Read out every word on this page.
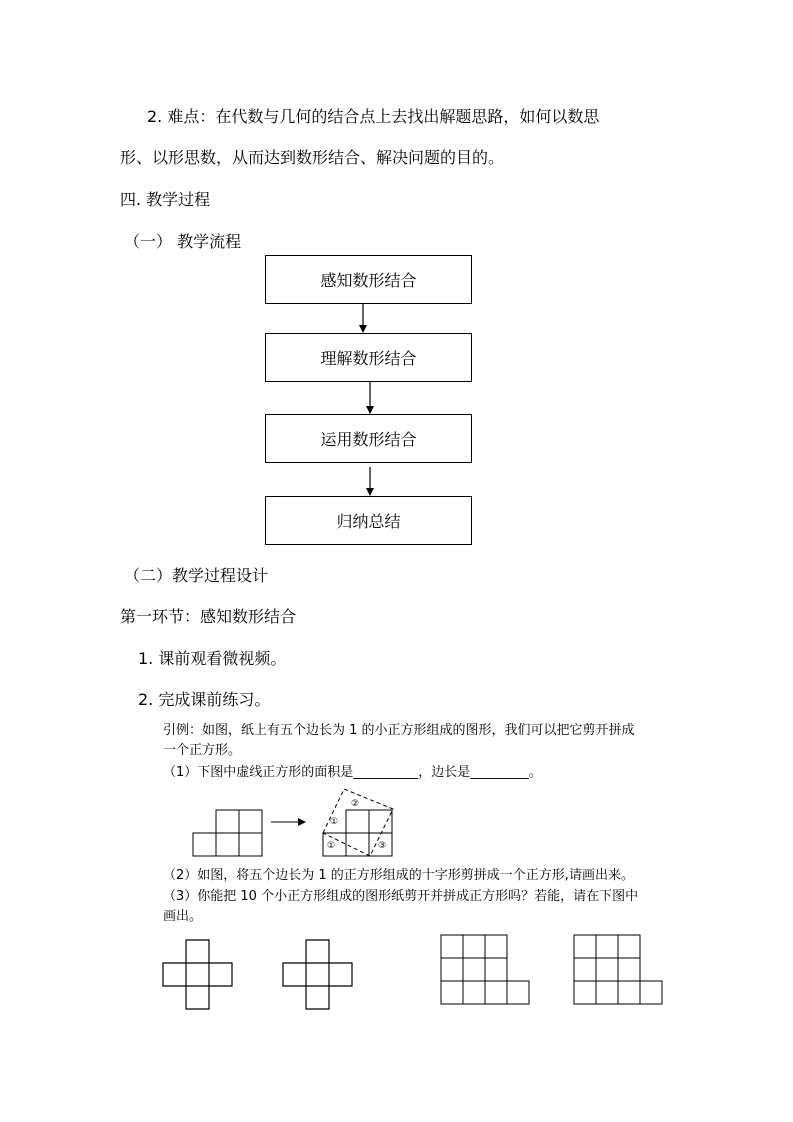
2. 难点：在代数与几何的结合点上去找出解题思路，如何以数思
形、以形思数，从而达到数形结合、解决问题的目的。
四. 教学过程
（一） 教学流程
感知数形结合
理解数形结合
运用数形结合
归纳总结
（二）教学过程设计
第一环节：感知数形结合
1. 课前观看微视频。
2. 完成课前练习。
引例：如图，纸上有五个边长为 1 的小正方形组成的图形，我们可以把它剪开拼成
一个正方形。
（1）下图中虚线正方形的面积是__________，边长是_________。
（2）如图，将五个边长为 1 的正方形组成的十字形剪拼成一个正方形,请画出来。
（3）你能把 10 个小正方形组成的图形纸剪开并拼成正方形吗？若能，请在下图中
画出。
①
①
②
③
